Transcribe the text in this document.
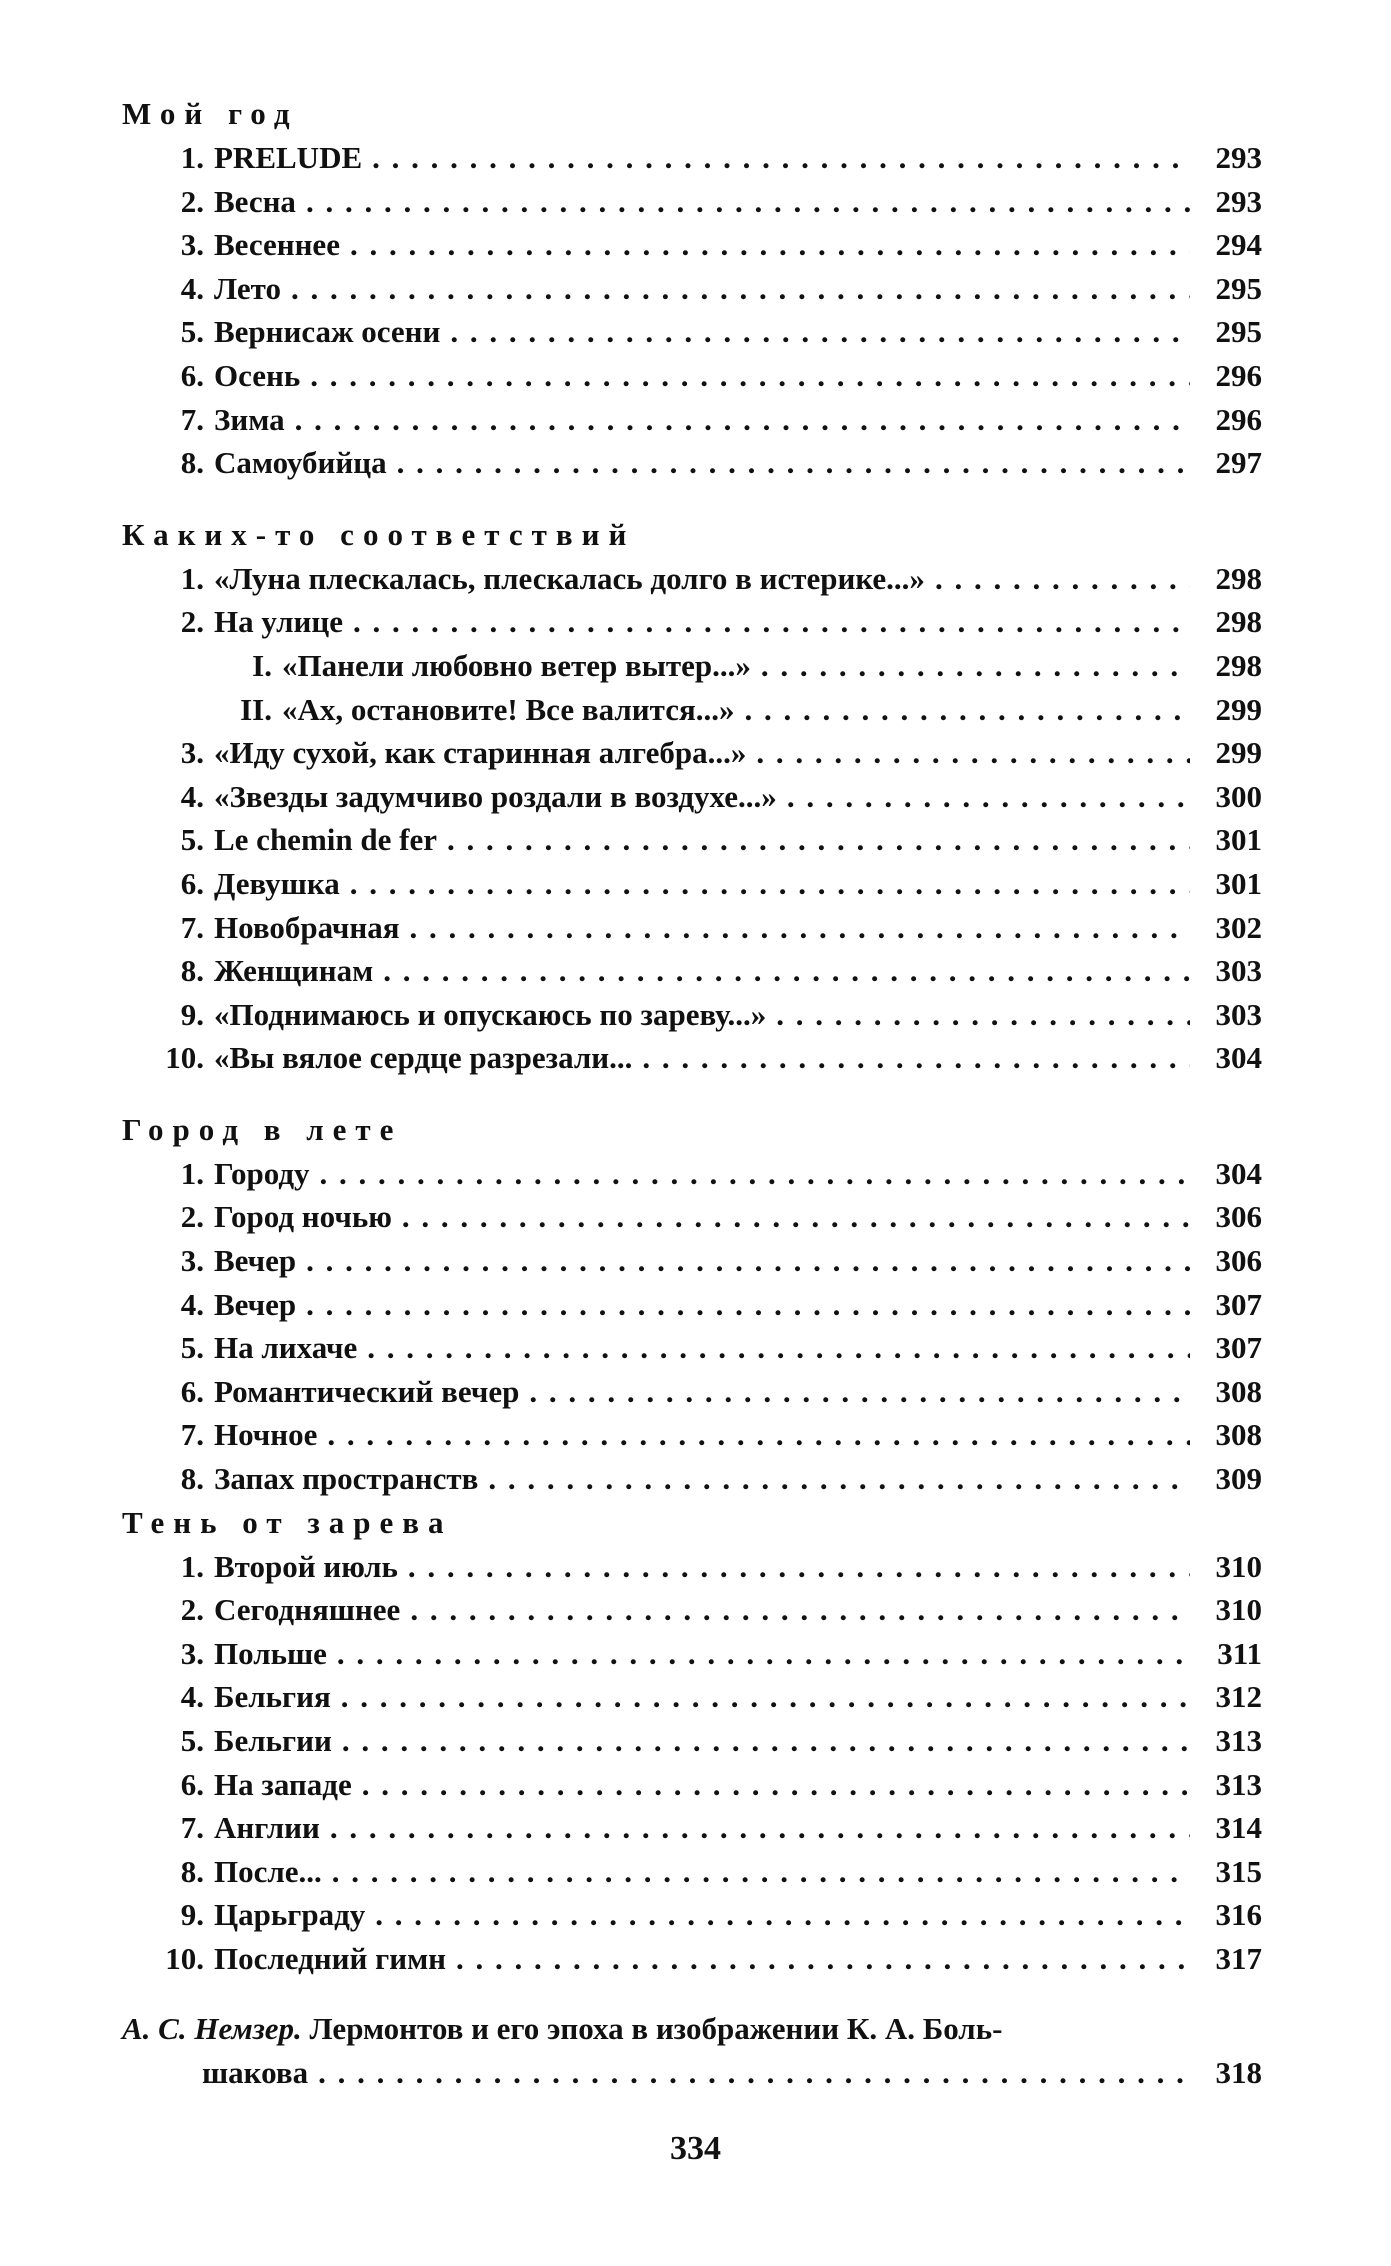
Мой год
1. PRELUDE . . .	293
2. Весна . . .	293
3. Весеннее . . .	294
4. Лето . . .	295
5. Вернисаж осени . . .	295
6. Осень . . .	296
7. Зима . . .	296
8. Самоубийца . . .	297
Каких-то соответствий
1. «Луна плескалась, плескалась долго в истерике...» . . .	298
2. На улице . . .	298
I. «Панели любовно ветер вытер...» . . .	298
II. «Ах, остановите! Все валится...» . . .	299
3. «Иду сухой, как старинная алгебра...» . . .	299
4. «Звезды задумчиво роздали в воздухе...» . . .	300
5. Le chemin de fer . . .	301
6. Девушка . . .	301
7. Новобрачная . . .	302
8. Женщинам . . .	303
9. «Поднимаюсь и опускаюсь по зареву...» . . .	303
10. «Вы вялое сердце разрезали... . . .	304
Город в лете
1. Городу . . .	304
2. Город ночью . . .	306
3. Вечер . . .	306
4. Вечер . . .	307
5. На лихаче . . .	307
6. Романтический вечер . . .	308
7. Ночное . . .	308
8. Запах пространств . . .	309
Тень от зарева
1. Второй июль . . .	310
2. Сегодняшнее . . .	310
3. Польше . . .	311
4. Бельгия . . .	312
5. Бельгии . . .	313
6. На западе . . .	313
7. Англии . . .	314
8. После... . . .	315
9. Царьграду . . .	316
10. Последний гимн . . .	317
А. С. Немзер. Лермонтов и его эпоха в изображении К. А. Боль-
шакова . . .	318
334
